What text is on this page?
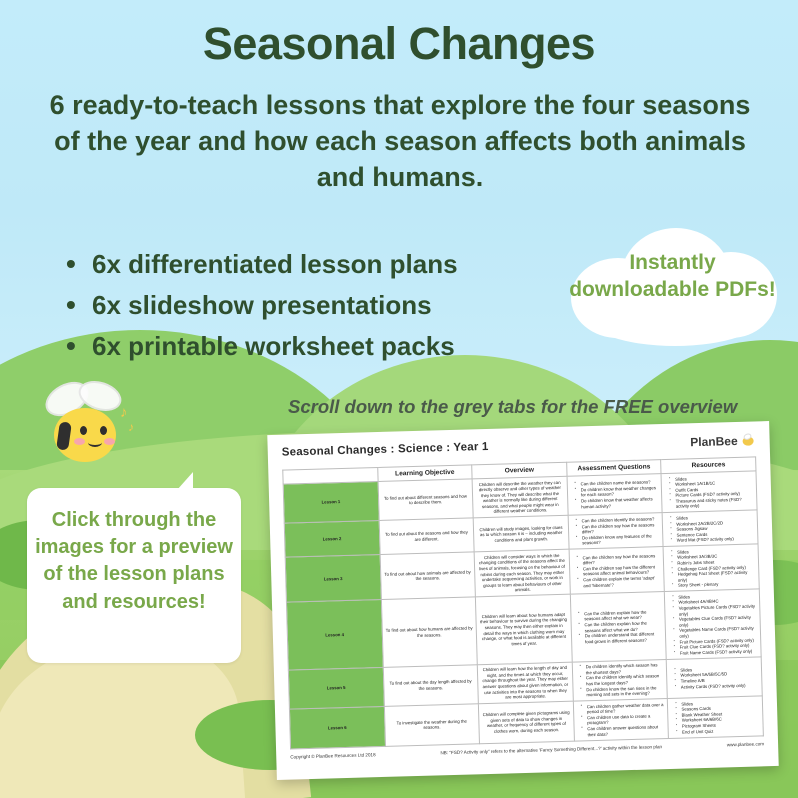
Seasonal Changes
6 ready-to-teach lessons that explore the four seasons of the year and how each season affects both animals and humans.
• 6x differentiated lesson plans
• 6x slideshow presentations
• 6x printable worksheet packs
Instantly downloadable PDFs!
♪
♪
Click through the images for a preview of the lesson plans and resources!
Scroll down to the grey tabs for the FREE overview
Seasonal Changes : Science : Year 1	PlanBee
	Learning Objective	Overview	Assessment Questions	Resources
Lesson 1	To find out about different seasons and how to describe them.	Children will describe the weather they can directly observe and other types of weather they know of. They will describe what the weather is normally like during different seasons, and what people might wear in different weather conditions.	
▪ Can the children name the seasons?
▪ Do children know that weather changes for each season?
▪ Do children know that weather affects human activity?

▪ Slides
▪ Worksheet 1A/1B/1C
▪ Outfit Cards
▪ Picture Cards (FSD? activity only)
▪ Thesaurus and sticky notes (FSD? activity only)

Lesson 2	To find out about the seasons and how they are different.	Children will study images, looking for clues as to which season it is – including weather conditions and plant growth.	
▪ Can the children identify the seasons?
▪ Can the children say how the seasons differ?
▪ Do children know any features of the seasons?

▪ Slides
▪ Worksheet 2A/2B/2C/2D
▪ Seasons Jigsaw
▪ Sentence Cards
▪ Word Mat (FSD? activity only)

Lesson 3	To find out about how animals are affected by the seasons.	Children will consider ways in which the changing conditions of the seasons affect the lives of animals, focusing on the behaviour of robins during each season. They may either undertake sequencing activities, or work in groups to learn about behaviours of other animals.	
▪ Can the children say how the seasons differ?
▪ Can the children say how the different seasons affect animal behaviours?
▪ Can children explain the terms 'adapt' and 'hibernate'?

▪ Slides
▪ Worksheet 3A/3B/3C
▪ Robin's Jobs Sheet
▪ Challenge Card (FSD? activity only)
▪ Hedgehog Fact Sheet (FSD? activity only)
▪ Story Sheet - plenary

Lesson 4	To find out about how humans are affected by the seasons.	Children will learn about how humans adapt their behaviour to survive during the changing seasons. They may then either explain in detail the ways in which clothing worn may change, or what food is available at different times of year.	
▪ Can the children explain how the seasons affect what we wear?
▪ Can the children explain how the seasons affect what we do?
▪ Do children understand that different food grows in different seasons?

▪ Slides
▪ Worksheet 4A/4B/4C
▪ Vegetables Picture Cards (FSD? activity only)
▪ Vegetables Clue Cards (FSD? activity only)
▪ Vegetables Name Cards (FSD? activity only)
▪ Fruit Picture Cards (FSD? activity only)
▪ Fruit Clue Cards (FSD? activity only)
▪ Fruit Name Cards (FSD? activity only)

Lesson 5	To find out about the day length affected by the seasons.	Children will learn how the length of day and night, and the times at which they occur, change throughout the year. They may either answer questions about given information, or use activities into the seasons to when they are most appropriate.	
▪ Do children identify which season has the shortest days?
▪ Can the children identify which season has the longest days?
▪ Do children know the sun rises in the morning and sets in the evening?

▪ Slides
▪ Worksheet 5A/5B/5C/5D
▪ Timeline A/B
▪ Activity Cards (FSD? activity only)

Lesson 6	To investigate the weather during the seasons.	Children will complete given pictograms using given sets of data to show changes in weather, or frequency of different types of clothes worn, during each season.	
▪ Can children gather weather data over a period of time?
▪ Can children use data to create a pictogram?
▪ Can children answer questions about their data?

▪ Slides
▪ Seasons Cards
▪ Blank Weather Sheet
▪ Worksheet 6A/6B/6C
▪ Pictogram Sheets
▪ End of Unit Quiz
Copyright © PlanBee Resources Ltd 2018
NB: "FSD? Activity only" refers to the alternative 'Fancy Something Different...?' activity within the lesson plan	www.planbee.com
